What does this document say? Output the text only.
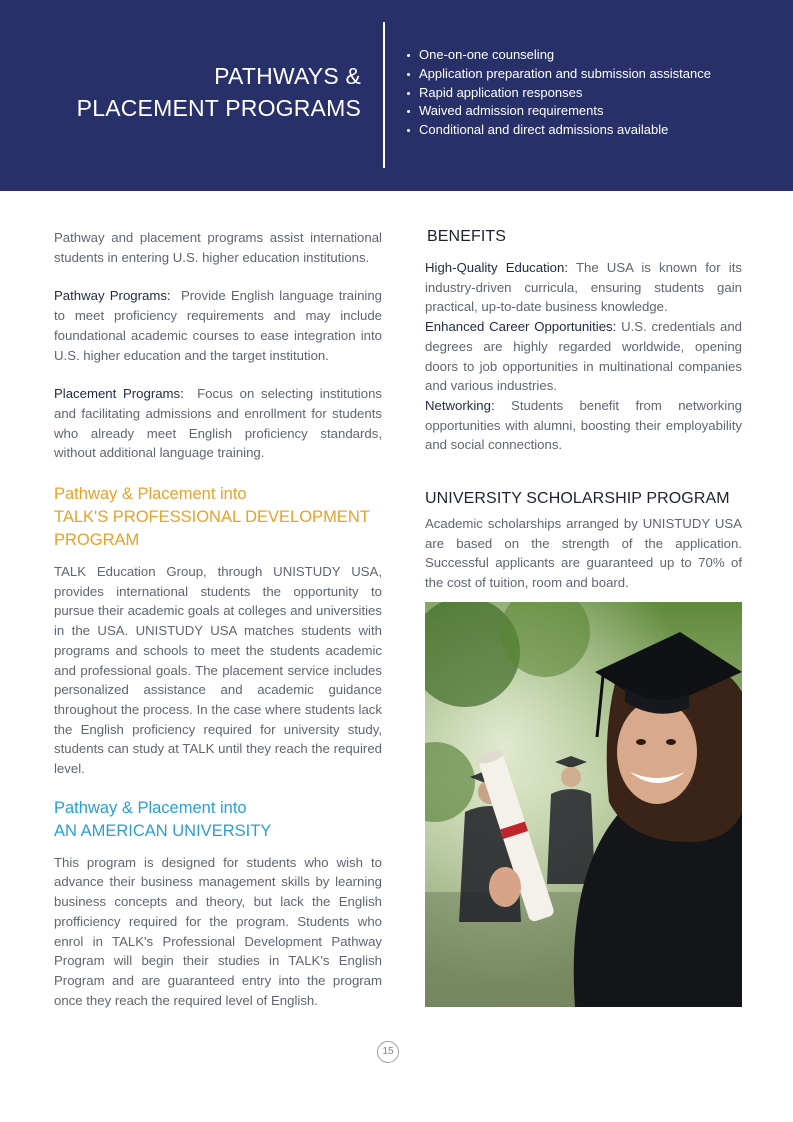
PATHWAYS &
PLACEMENT PROGRAMS
One-on-one counseling
Application preparation and submission assistance
Rapid application responses
Waived admission requirements
Conditional and direct admissions available

Pathway and placement programs assist international students in entering U.S. higher education institutions.

Pathway Programs: Provide English language training to meet proficiency requirements and may include foundational academic courses to ease integration into U.S. higher education and the target institution.

Placement Programs: Focus on selecting institutions and facilitating admissions and enrollment for students who already meet English proficiency standards, without additional language training.

Pathway & Placement into
TALK'S PROFESSIONAL DEVELOPMENT
PROGRAM

TALK Education Group, through UNISTUDY USA, provides international students the opportunity to pursue their academic goals at colleges and universities in the USA. UNISTUDY USA matches students with programs and schools to meet the students academic and professional goals. The placement service includes personalized assistance and academic guidance throughout the process. In the case where students lack the English proficiency required for university study, students can study at TALK until they reach the required level.

Pathway & Placement into
AN AMERICAN UNIVERSITY

This program is designed for students who wish to advance their business management skills by learning business concepts and theory, but lack the English profficiency required for the program. Students who enrol in TALK's Professional Development Pathway Program will begin their studies in TALK's English Program and are guaranteed entry into the program once they reach the required level of English.

BENEFITS

High-Quality Education: The USA is known for its industry-driven curricula, ensuring students gain practical, up-to-date business knowledge.

Enhanced Career Opportunities: U.S. credentials and degrees are highly regarded worldwide, opening doors to job opportunities in multinational companies and various industries.

Networking: Students benefit from networking opportunities with alumni, boosting their employability and social connections.

UNIVERSITY SCHOLARSHIP PROGRAM

Academic scholarships arranged by UNISTUDY USA are based on the strength of the application. Successful applicants are guaranteed up to 70% of the cost of tuition, room and board.

15
